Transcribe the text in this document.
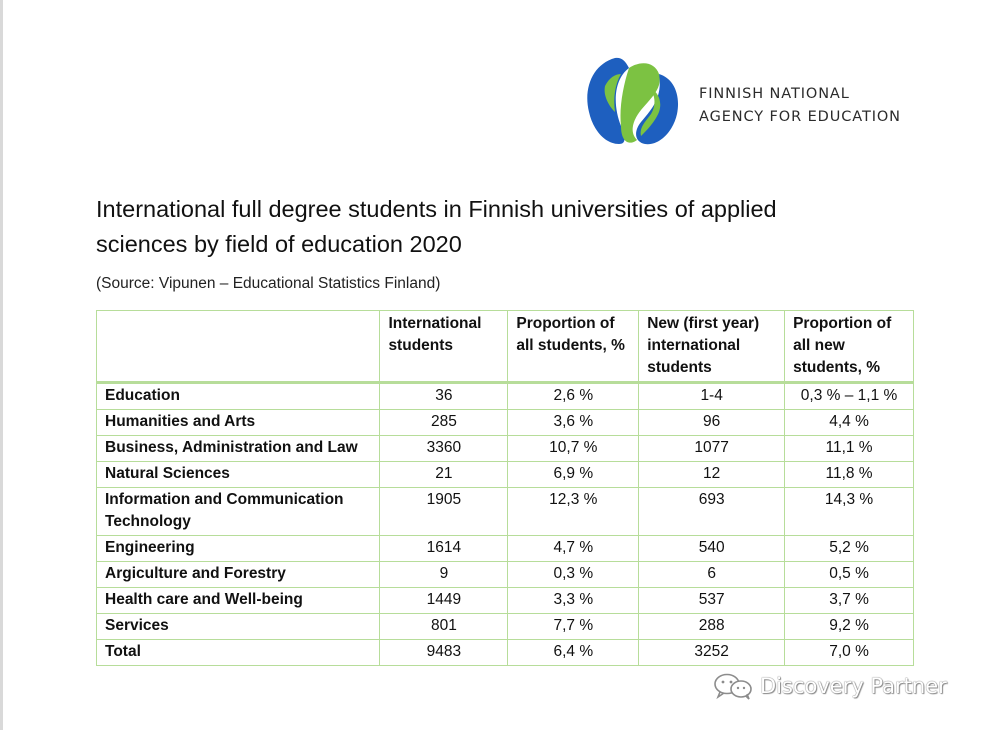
FINNISH NATIONAL
AGENCY FOR EDUCATION
International full degree students in Finnish universities of applied sciences by field of education 2020
(Source: Vipunen – Educational Statistics Finland)
	International students	Proportion of all students, %	New (first year) international students	Proportion of all new students, %
Education	36	2,6 %	1-4	0,3 % – 1,1 %
Humanities and Arts	285	3,6 %	96	4,4 %
Business, Administration and Law	3360	10,7 %	1077	11,1 %
Natural Sciences	21	6,9 %	12	11,8 %
Information and Communication Technology	1905	12,3 %	693	14,3 %
Engineering	1614	4,7 %	540	5,2 %
Argiculture and Forestry	9	0,3 %	6	0,5 %
Health care and Well-being	1449	3,3 %	537	3,7 %
Services	801	7,7 %	288	9,2 %
Total	9483	6,4 %	3252	7,0 %
Discovery Partner
